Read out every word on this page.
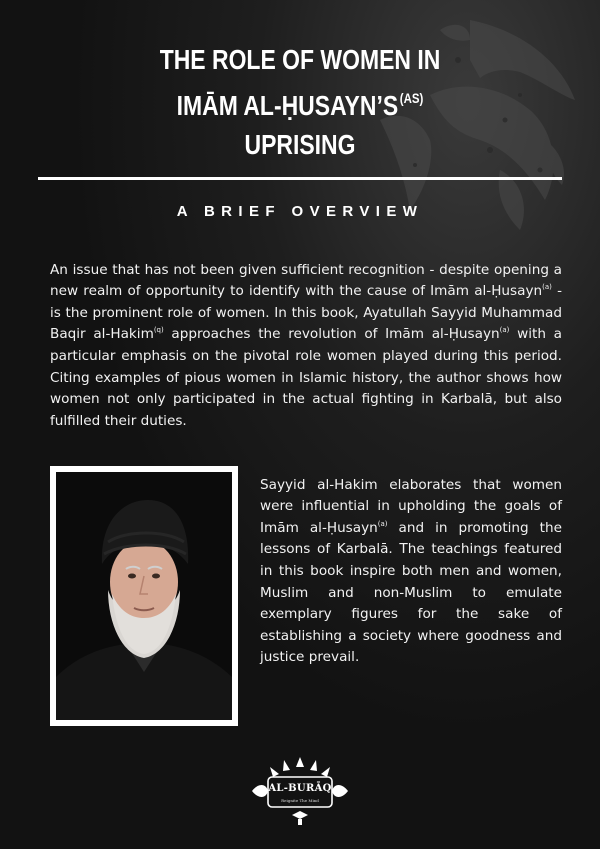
THE ROLE OF WOMEN IN
IMĀM AL-ḤUSAYN’S $^{(AS)}$
UPRISING
A BRIEF OVERVIEW

An issue that has not been given sufficient recognition - despite opening a new realm of opportunity to identify with the cause of Imām al-Ḥusayn$^{(a)}$ - is the prominent role of women. In this book, Ayatullah Sayyid Muhammad Baqir al-Hakim$^{(q)}$ approaches the revolution of Imām al-Ḥusayn$^{(a)}$ with a particular emphasis on the pivotal role women played during this period. Citing examples of pious women in Islamic history, the author shows how women not only participated in the actual fighting in Karbalā, but also fulfilled their duties.

Sayyid al-Hakim elaborates that women were influential in upholding the goals of Imām al-Ḥusayn$^{(a)}$ and in promoting the lessons of Karbalā. The teachings featured in this book inspire both men and women, Muslim and non-Muslim to emulate exemplary figures for the sake of establishing a society where goodness and justice prevail.

AL-BURĀQ
Reignite The Mind
